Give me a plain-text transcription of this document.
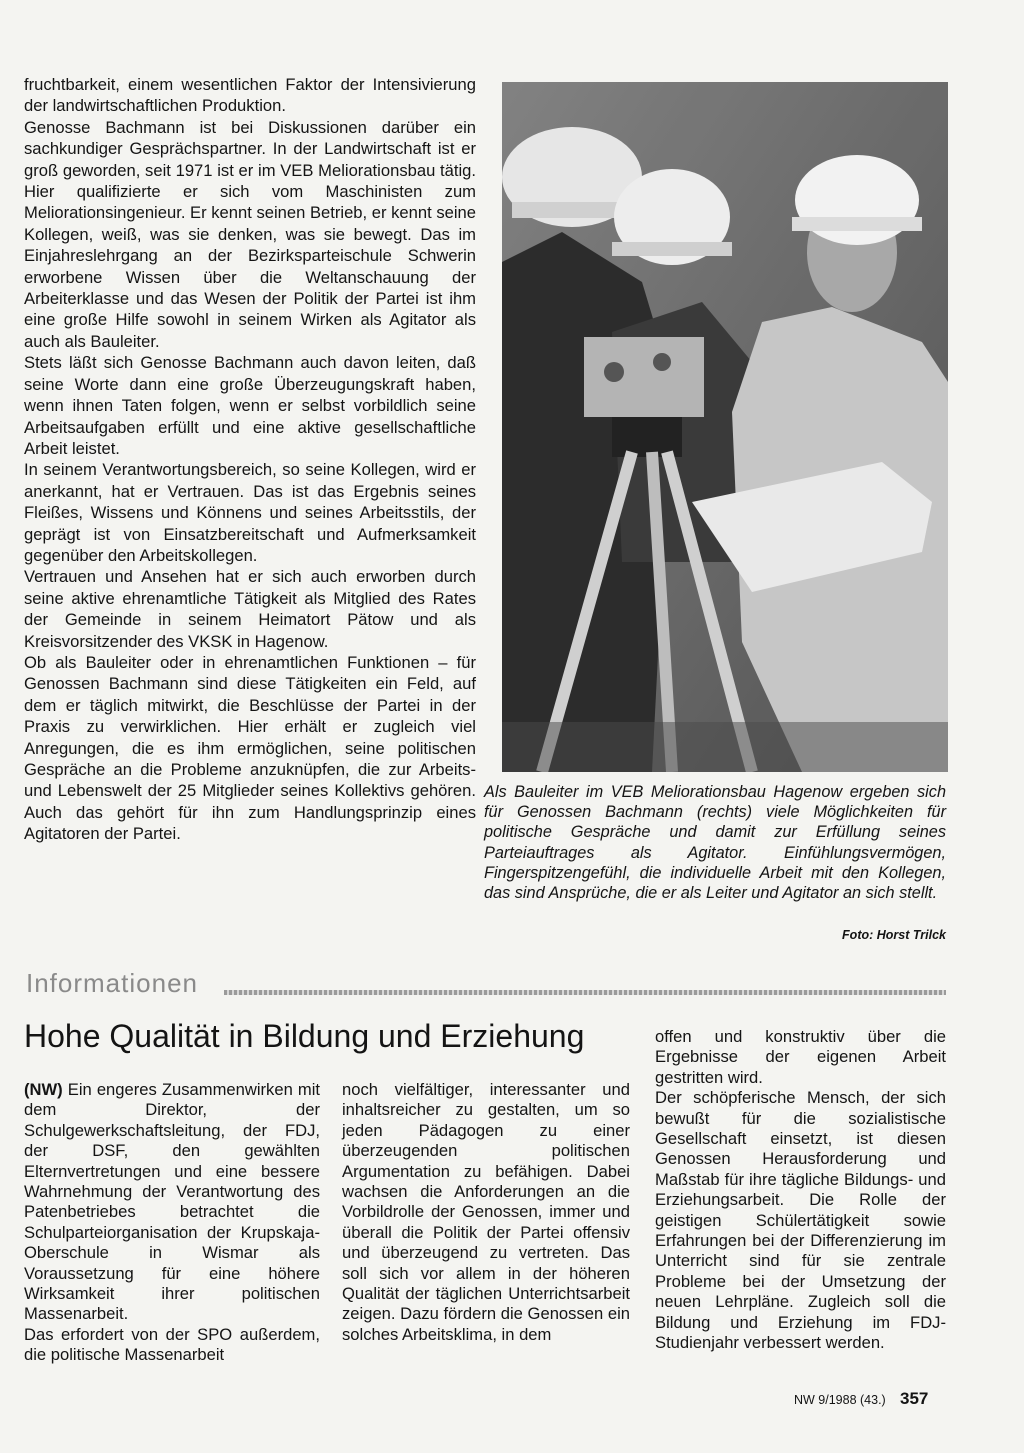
fruchtbarkeit, einem wesentlichen Faktor der Intensivierung der landwirtschaftlichen Produktion.

Genosse Bachmann ist bei Diskussionen darüber ein sachkundiger Gesprächspartner. In der Landwirtschaft ist er groß geworden, seit 1971 ist er im VEB Meliorationsbau tätig. Hier qualifizierte er sich vom Maschinisten zum Meliorationsingenieur. Er kennt seinen Betrieb, er kennt seine Kollegen, weiß, was sie denken, was sie bewegt. Das im Einjahreslehrgang an der Bezirksparteischule Schwerin erworbene Wissen über die Weltanschauung der Arbeiterklasse und das Wesen der Politik der Partei ist ihm eine große Hilfe sowohl in seinem Wirken als Agitator als auch als Bauleiter.

Stets läßt sich Genosse Bachmann auch davon leiten, daß seine Worte dann eine große Überzeugungskraft haben, wenn ihnen Taten folgen, wenn er selbst vorbildlich seine Arbeitsaufgaben erfüllt und eine aktive gesellschaftliche Arbeit leistet.

In seinem Verantwortungsbereich, so seine Kollegen, wird er anerkannt, hat er Vertrauen. Das ist das Ergebnis seines Fleißes, Wissens und Könnens und seines Arbeitsstils, der geprägt ist von Einsatzbereitschaft und Aufmerksamkeit gegenüber den Arbeitskollegen.

Vertrauen und Ansehen hat er sich auch erworben durch seine aktive ehrenamtliche Tätigkeit als Mitglied des Rates der Gemeinde in seinem Heimatort Pätow und als Kreisvorsitzender des VKSK in Hagenow.

Ob als Bauleiter oder in ehrenamtlichen Funktionen – für Genossen Bachmann sind diese Tätigkeiten ein Feld, auf dem er täglich mitwirkt, die Beschlüsse der Partei in der Praxis zu verwirklichen. Hier erhält er zugleich viel Anregungen, die es ihm ermöglichen, seine politischen Gespräche an die Probleme anzuknüpfen, die zur Arbeits- und Lebenswelt der 25 Mitglieder seines Kollektivs gehören. Auch das gehört für ihn zum Handlungsprinzip eines Agitatoren der Partei.

Als Bauleiter im VEB Meliorationsbau Hagenow ergeben sich für Genossen Bachmann (rechts) viele Möglichkeiten für politische Gespräche und damit zur Erfüllung seines Parteiauftrages als Agitator. Einfühlungsvermögen, Fingerspitzengefühl, die individuelle Arbeit mit den Kollegen, das sind Ansprüche, die er als Leiter und Agitator an sich stellt.
Foto: Horst Trilck
Informationen
Hohe Qualität in Bildung und Erziehung

(NW) Ein engeres Zusammenwirken mit dem Direktor, der Schulgewerkschaftsleitung, der FDJ, der DSF, den gewählten Elternvertretungen und eine bessere Wahrnehmung der Verantwortung des Patenbetriebes betrachtet die Schulparteiorganisation der Krupskaja-Oberschule in Wismar als Voraussetzung für eine höhere Wirksamkeit ihrer politischen Massenarbeit.

Das erfordert von der SPO außerdem, die politische Massenarbeit

noch vielfältiger, interessanter und inhaltsreicher zu gestalten, um so jeden Pädagogen zu einer überzeugenden politischen Argumentation zu befähigen. Dabei wachsen die Anforderungen an die Vorbildrolle der Genossen, immer und überall die Politik der Partei offensiv und überzeugend zu vertreten. Das soll sich vor allem in der höheren Qualität der täglichen Unterrichtsarbeit zeigen. Dazu fördern die Genossen ein solches Arbeitsklima, in dem

offen und konstruktiv über die Ergebnisse der eigenen Arbeit gestritten wird.

Der schöpferische Mensch, der sich bewußt für die sozialistische Gesellschaft einsetzt, ist diesen Genossen Herausforderung und Maßstab für ihre tägliche Bildungs- und Erziehungsarbeit. Die Rolle der geistigen Schülertätigkeit sowie Erfahrungen bei der Differenzierung im Unterricht sind für sie zentrale Probleme bei der Umsetzung der neuen Lehrpläne. Zugleich soll die Bildung und Erziehung im FDJ-Studienjahr verbessert werden.

NW 9/1988 (43.) 357
